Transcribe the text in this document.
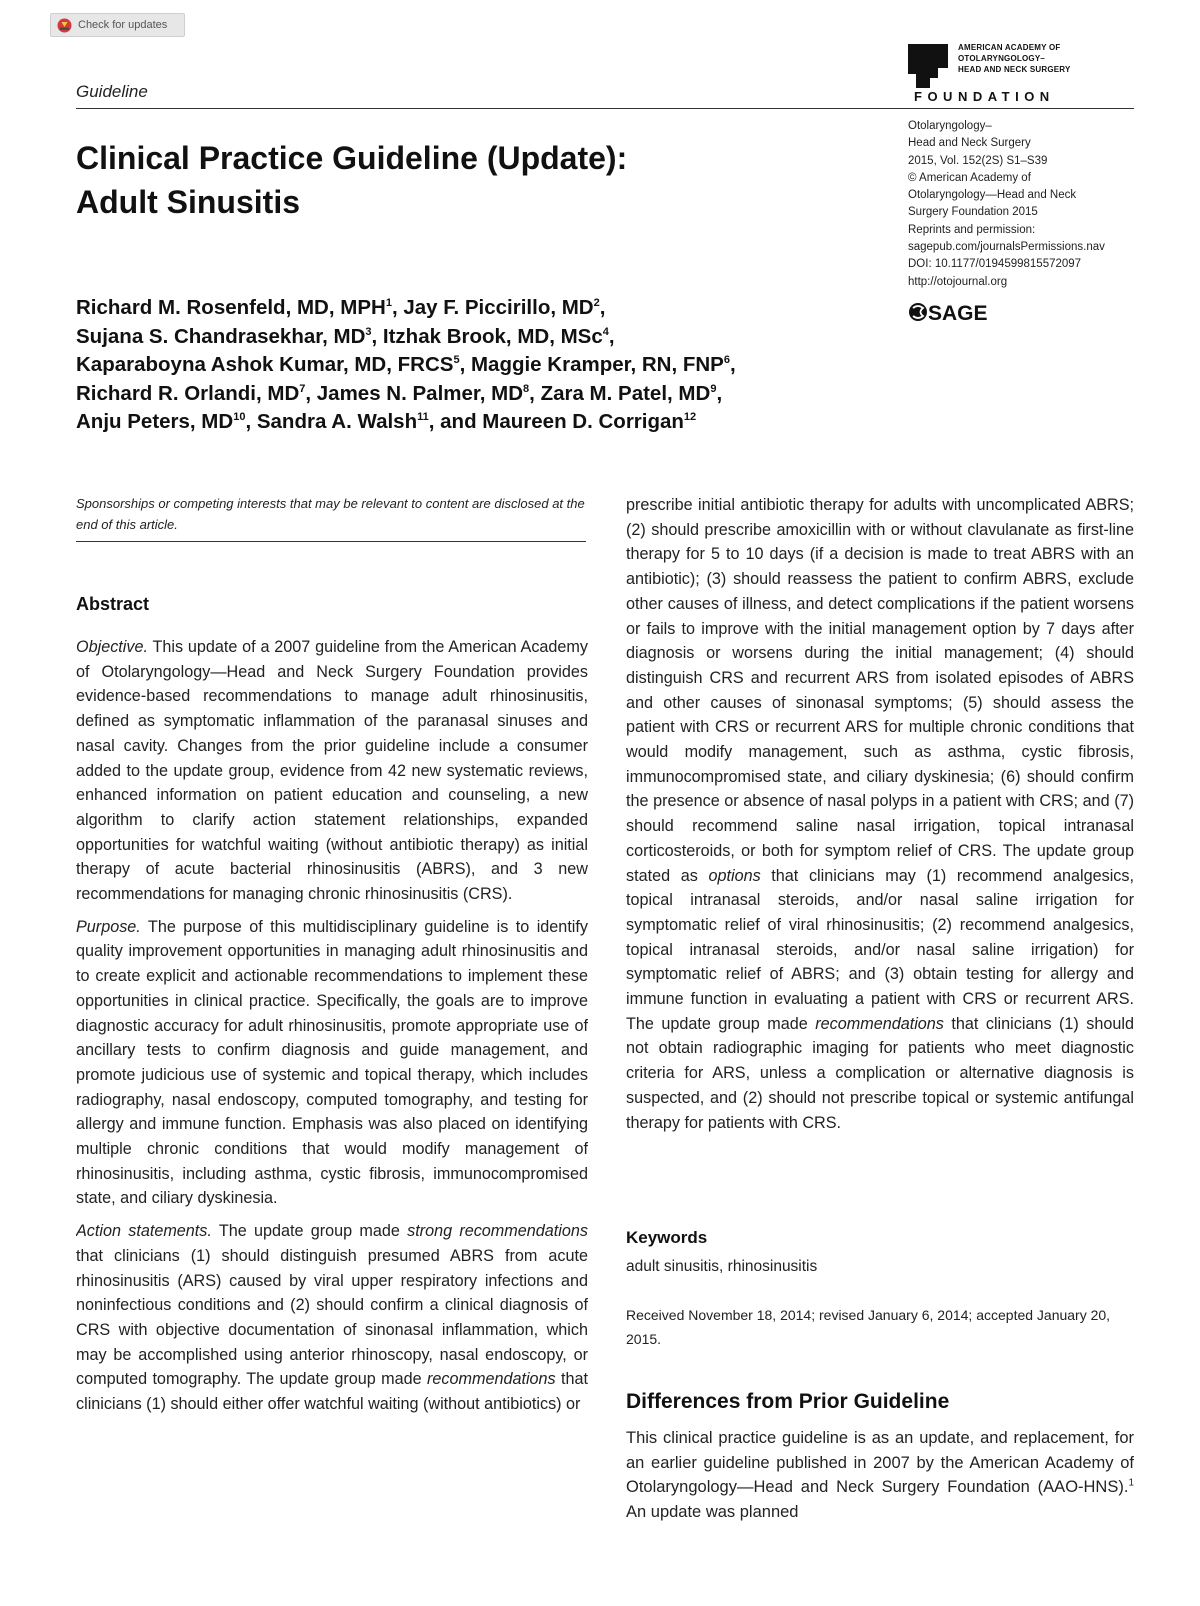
Check for updates
Guideline
AMERICAN ACADEMY OF
OTOLARYNGOLOGY–
HEAD AND NECK SURGERY
FOUNDATION
Otolaryngology–
Head and Neck Surgery
2015, Vol. 152(2S) S1–S39
© American Academy of
Otolaryngology—Head and Neck
Surgery Foundation 2015
Reprints and permission:
sagepub.com/journalsPermissions.nav
DOI: 10.1177/0194599815572097
http://otojournal.org
SAGE
Clinical Practice Guideline (Update):
Adult Sinusitis
Richard M. Rosenfeld, MD, MPH$^1$, Jay F. Piccirillo, $MD^2$,
Sujana S. Chandrasekhar, $MD^3$, Itzhak Brook, MD, MSc$^4$,
Kaparaboyna Ashok Kumar, MD, FRCS$^5$, Maggie Kramper, RN, FNP$^6$,
Richard R. Orlandi, $MD^7$, James N. Palmer, $MD^8$, Zara M. Patel, $MD^9$,
Anju Peters, MD$^{10}$, Sandra A. Walsh$^{11}$, and Maureen D. Corrigan$^{12}$
Sponsorships or competing interests that may be relevant to content are disclosed at the end of this article.
Abstract

Objective. This update of a 2007 guideline from the American Academy of Otolaryngology—Head and Neck Surgery Foundation provides evidence-based recommendations to manage adult rhinosinusitis, defined as symptomatic inflammation of the paranasal sinuses and nasal cavity. Changes from the prior guideline include a consumer added to the update group, evidence from 42 new systematic reviews, enhanced information on patient education and counseling, a new algorithm to clarify action statement relationships, expanded opportunities for watchful waiting (without antibiotic therapy) as initial therapy of acute bacterial rhinosinusitis (ABRS), and 3 new recommendations for managing chronic rhinosinusitis (CRS).

Purpose. The purpose of this multidisciplinary guideline is to identify quality improvement opportunities in managing adult rhinosinusitis and to create explicit and actionable recommendations to implement these opportunities in clinical practice. Specifically, the goals are to improve diagnostic accuracy for adult rhinosinusitis, promote appropriate use of ancillary tests to confirm diagnosis and guide management, and promote judicious use of systemic and topical therapy, which includes radiography, nasal endoscopy, computed tomography, and testing for allergy and immune function. Emphasis was also placed on identifying multiple chronic conditions that would modify management of rhinosinusitis, including asthma, cystic fibrosis, immunocompromised state, and ciliary dyskinesia.

Action statements. The update group made strong recommendations that clinicians (1) should distinguish presumed ABRS from acute rhinosinusitis (ARS) caused by viral upper respiratory infections and noninfectious conditions and (2) should confirm a clinical diagnosis of CRS with objective documentation of sinonasal inflammation, which may be accomplished using anterior rhinoscopy, nasal endoscopy, or computed tomography. The update group made recommendations that clinicians (1) should either offer watchful waiting (without antibiotics) or

prescribe initial antibiotic therapy for adults with uncomplicated ABRS; (2) should prescribe amoxicillin with or without clavulanate as first-line therapy for 5 to 10 days (if a decision is made to treat ABRS with an antibiotic); (3) should reassess the patient to confirm ABRS, exclude other causes of illness, and detect complications if the patient worsens or fails to improve with the initial management option by 7 days after diagnosis or worsens during the initial management; (4) should distinguish CRS and recurrent ARS from isolated episodes of ABRS and other causes of sinonasal symptoms; (5) should assess the patient with CRS or recurrent ARS for multiple chronic conditions that would modify management, such as asthma, cystic fibrosis, immunocompromised state, and ciliary dyskinesia; (6) should confirm the presence or absence of nasal polyps in a patient with CRS; and (7) should recommend saline nasal irrigation, topical intranasal corticosteroids, or both for symptom relief of CRS. The update group stated as options that clinicians may (1) recommend analgesics, topical intranasal steroids, and/or nasal saline irrigation for symptomatic relief of viral rhinosinusitis; (2) recommend analgesics, topical intranasal steroids, and/or nasal saline irrigation) for symptomatic relief of ABRS; and (3) obtain testing for allergy and immune function in evaluating a patient with CRS or recurrent ARS. The update group made recommendations that clinicians (1) should not obtain radiographic imaging for patients who meet diagnostic criteria for ARS, unless a complication or alternative diagnosis is suspected, and (2) should not prescribe topical or systemic antifungal therapy for patients with CRS.

Keywords
adult sinusitis, rhinosinusitis
Received November 18, 2014; revised January 6, 2014; accepted January 20, 2015.
Differences from Prior Guideline

This clinical practice guideline is as an update, and replacement, for an earlier guideline published in 2007 by the American Academy of Otolaryngology—Head and Neck Surgery Foundation (AAO-HNS).$^1$ An update was planned
